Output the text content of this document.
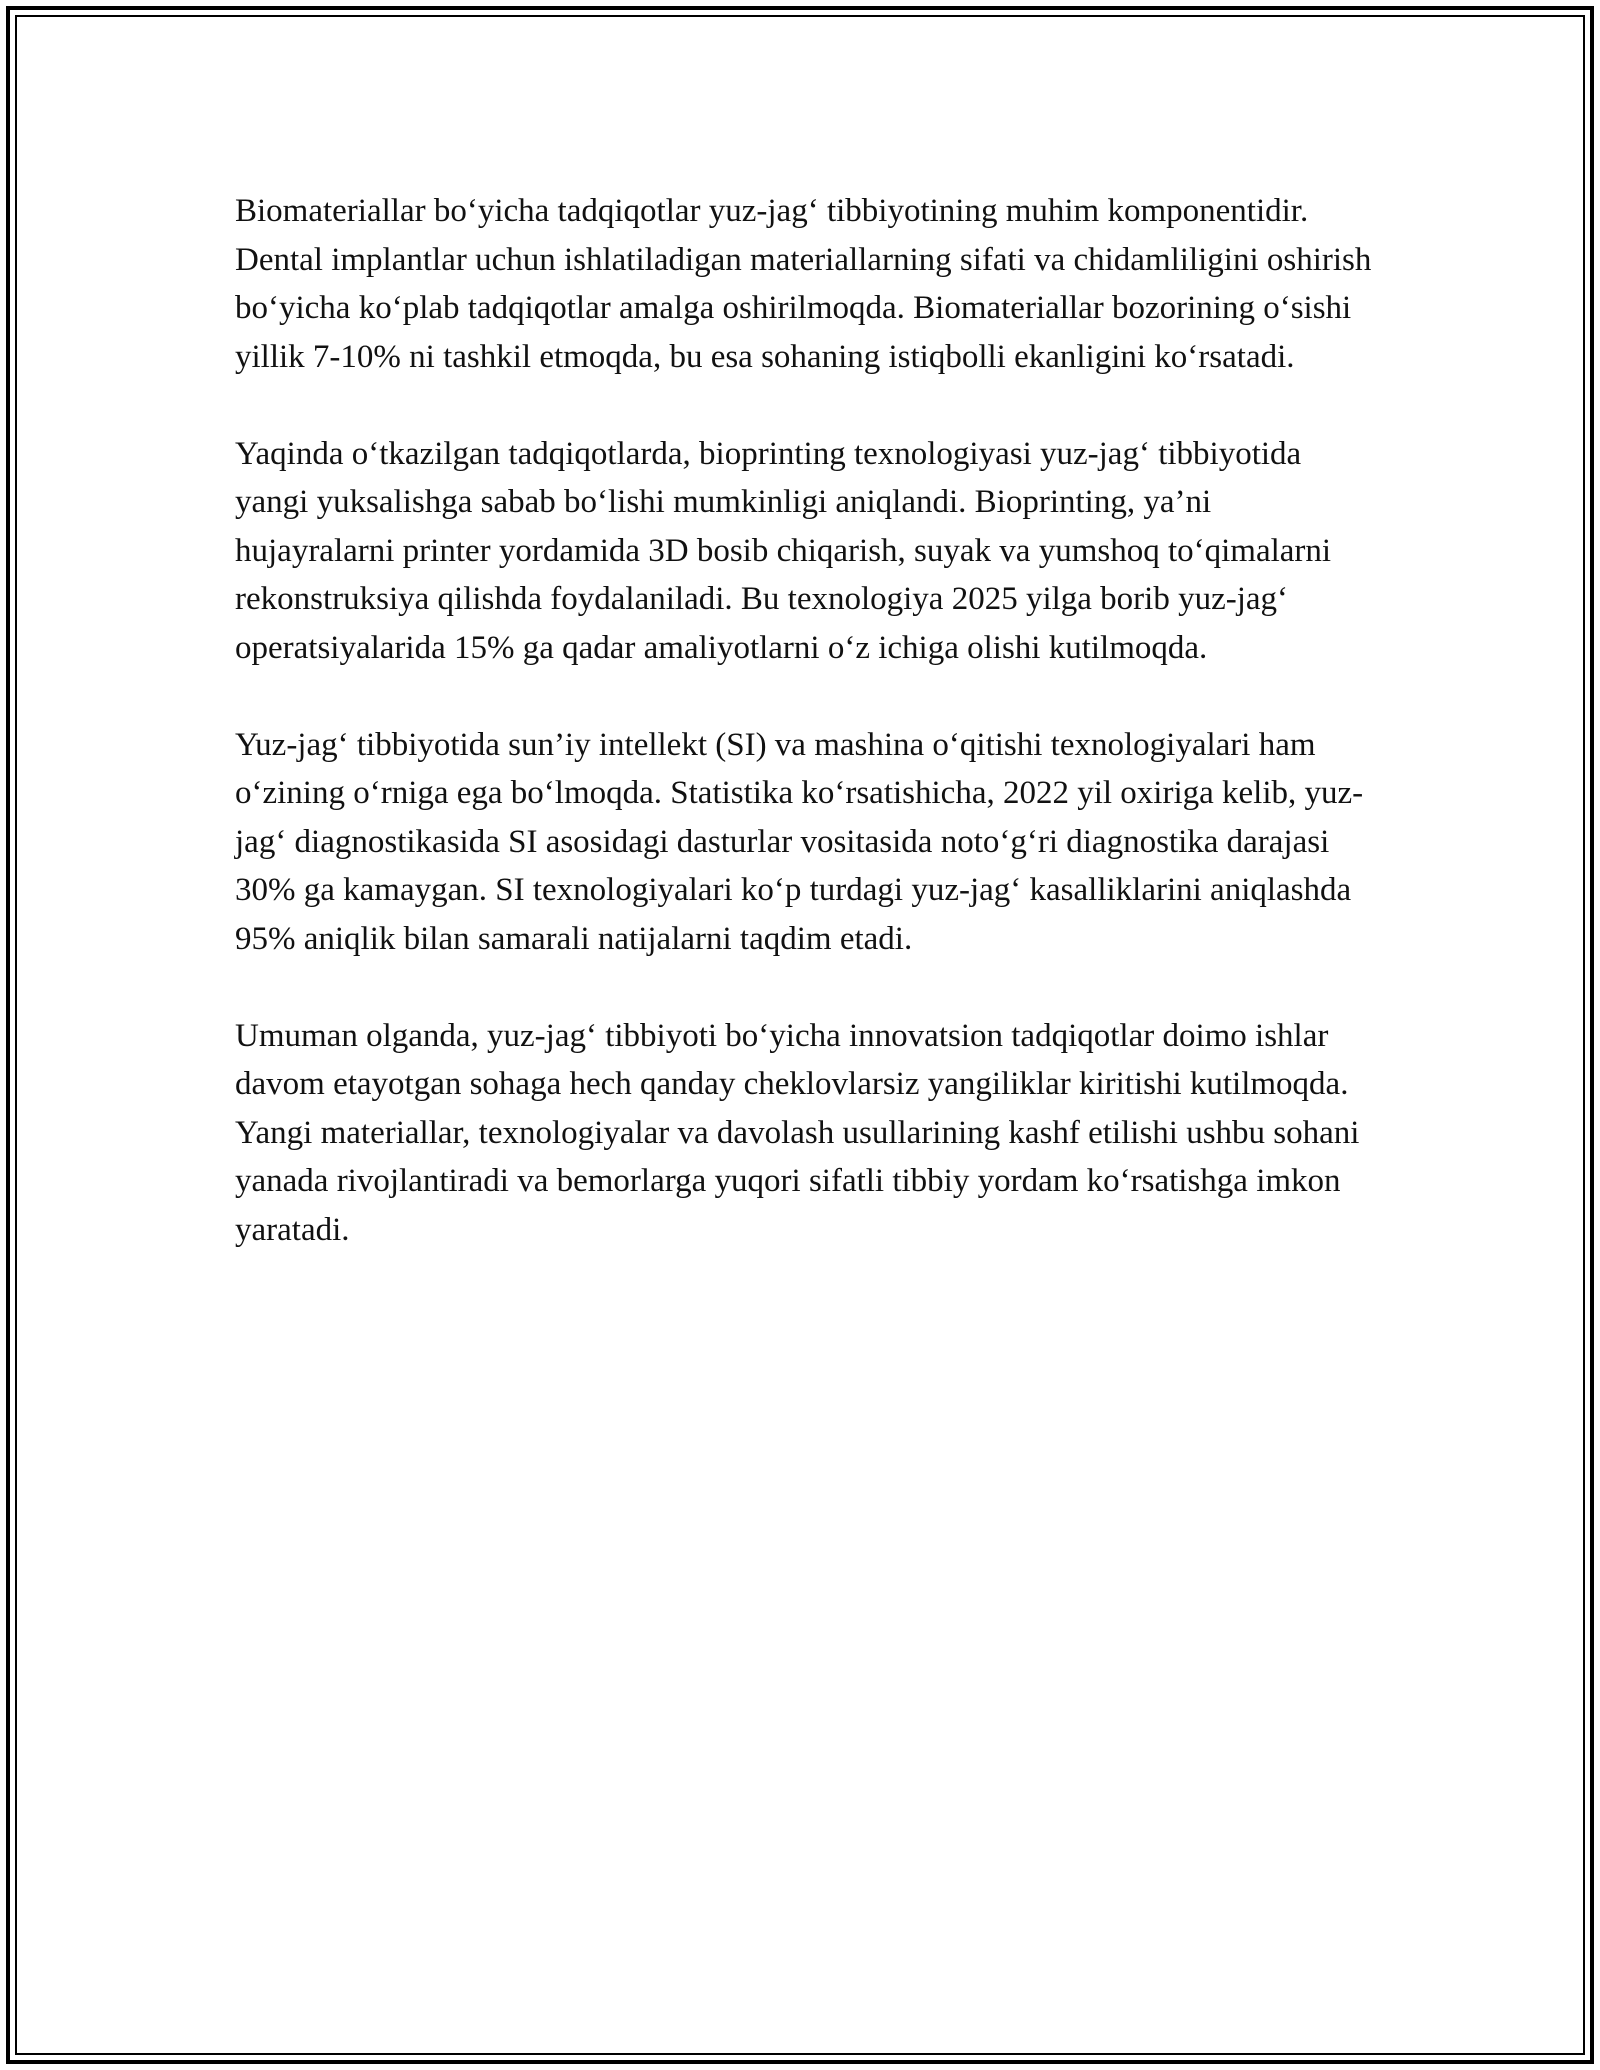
Biomateriallar bo‘yicha tadqiqotlar yuz-jag‘ tibbiyotining muhim komponentidir. Dental implantlar uchun ishlatiladigan materiallarning sifati va chidamliligini oshirish bo‘yicha ko‘plab tadqiqotlar amalga oshirilmoqda. Biomateriallar bozorining o‘sishi yillik 7-10% ni tashkil etmoqda, bu esa sohaning istiqbolli ekanligini ko‘rsatadi.

Yaqinda o‘tkazilgan tadqiqotlarda, bioprinting texnologiyasi yuz-jag‘ tibbiyotida yangi yuksalishga sabab bo‘lishi mumkinligi aniqlandi. Bioprinting, ya’ni hujayralarni printer yordamida 3D bosib chiqarish, suyak va yumshoq to‘qimalarni rekonstruksiya qilishda foydalaniladi. Bu texnologiya 2025 yilga borib yuz-jag‘ operatsiyalarida 15% ga qadar amaliyotlarni o‘z ichiga olishi kutilmoqda.

Yuz-jag‘ tibbiyotida sun’iy intellekt (SI) va mashina o‘qitishi texnologiyalari ham o‘zining o‘rniga ega bo‘lmoqda. Statistika ko‘rsatishicha, 2022 yil oxiriga kelib, yuz-jag‘ diagnostikasida SI asosidagi dasturlar vositasida noto‘g‘ri diagnostika darajasi 30% ga kamaygan. SI texnologiyalari ko‘p turdagi yuz-jag‘ kasalliklarini aniqlashda 95% aniqlik bilan samarali natijalarni taqdim etadi.

Umuman olganda, yuz-jag‘ tibbiyoti bo‘yicha innovatsion tadqiqotlar doimo ishlar davom etayotgan sohaga hech qanday cheklovlarsiz yangiliklar kiritishi kutilmoqda. Yangi materiallar, texnologiyalar va davolash usullarining kashf etilishi ushbu sohani yanada rivojlantiradi va bemorlarga yuqori sifatli tibbiy yordam ko‘rsatishga imkon yaratadi.
